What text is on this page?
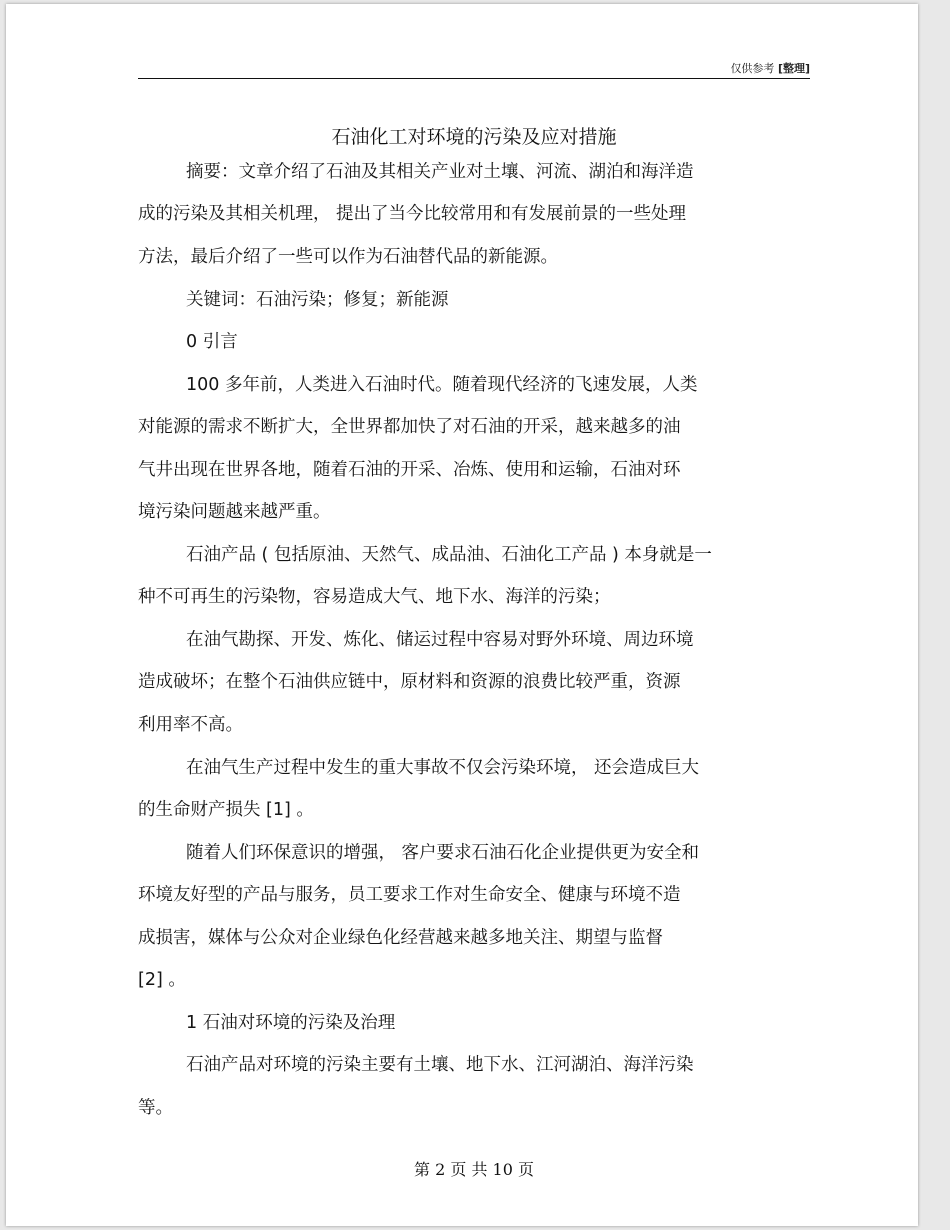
仅供参考 [整理]
石油化工对环境的污染及应对措施
摘要：文章介绍了石油及其相关产业对土壤、河流、湖泊和海洋造
成的污染及其相关机理， 提出了当今比较常用和有发展前景的一些处理
方法，最后介绍了一些可以作为石油替代品的新能源。
关键词：石油污染；修复；新能源
0 引言
100 多年前，人类进入石油时代。随着现代经济的飞速发展，人类
对能源的需求不断扩大，全世界都加快了对石油的开采，越来越多的油
气井出现在世界各地，随着石油的开采、冶炼、使用和运输，石油对环
境污染问题越来越严重。
石油产品 ( 包括原油、天然气、成品油、石油化工产品 ) 本身就是一
种不可再生的污染物，容易造成大气、地下水、海洋的污染；
在油气勘探、开发、炼化、储运过程中容易对野外环境、周边环境
造成破坏；在整个石油供应链中，原材料和资源的浪费比较严重，资源
利用率不高。
在油气生产过程中发生的重大事故不仅会污染环境， 还会造成巨大
的生命财产损失 [1] 。
随着人们环保意识的增强， 客户要求石油石化企业提供更为安全和
环境友好型的产品与服务，员工要求工作对生命安全、健康与环境不造
成损害，媒体与公众对企业绿色化经营越来越多地关注、期望与监督
[2] 。
1 石油对环境的污染及治理
石油产品对环境的污染主要有土壤、地下水、江河湖泊、海洋污染
等。
第 2 页 共 10 页
